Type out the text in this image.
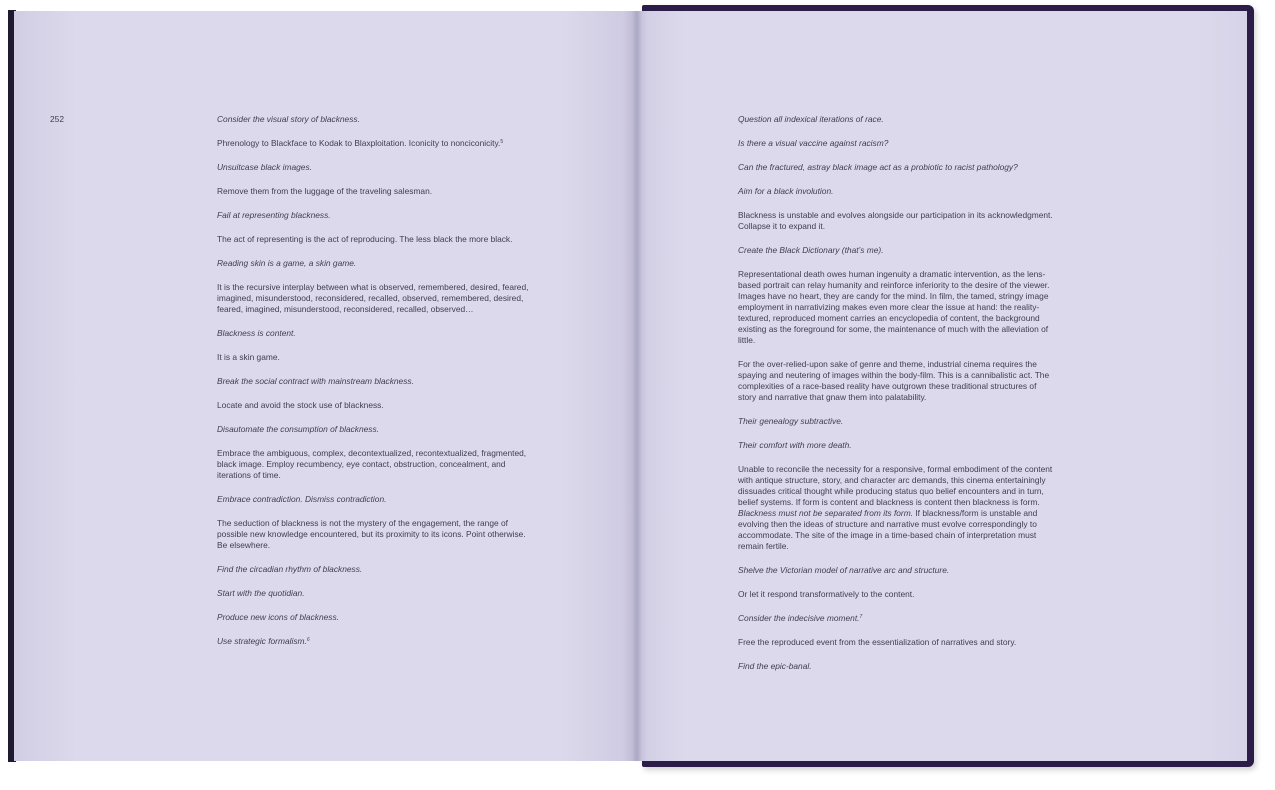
252	Consider the visual story of blackness.

Phrenology to Blackface to Kodak to Blaxploitation. Iconicity to nonciconicity.$^5$

Unsuitcase black images.

Remove them from the luggage of the traveling salesman.

Fail at representing blackness.

The act of representing is the act of reproducing. The less black the more black.

Reading skin is a game, a skin game.

It is the recursive interplay between what is observed, remembered, desired, feared, imagined, misunderstood, reconsidered, recalled, observed, remembered, desired, feared, imagined, misunderstood, reconsidered, recalled, observed…

Blackness is content.

It is a skin game.

Break the social contract with mainstream blackness.

Locate and avoid the stock use of blackness.

Disautomate the consumption of blackness.

Embrace the ambiguous, complex, decontextualized, recontextualized, fragmented, black image. Employ recumbency, eye contact, obstruction, concealment, and iterations of time.

Embrace contradiction. Dismiss contradiction.

The seduction of blackness is not the mystery of the engagement, the range of possible new knowledge encountered, but its proximity to its icons. Point otherwise. Be elsewhere.

Find the circadian rhythm of blackness.

Start with the quotidian.

Produce new icons of blackness.

Use strategic formalism.$^6$

Question all indexical iterations of race.

Is there a visual vaccine against racism?

Can the fractured, astray black image act as a probiotic to racist pathology?

Aim for a black involution.

Blackness is unstable and evolves alongside our participation in its acknowledgment. Collapse it to expand it.

Create the Black Dictionary (that’s me).

Representational death owes human ingenuity a dramatic intervention, as the lens-based portrait can relay humanity and reinforce inferiority to the desire of the viewer. Images have no heart, they are candy for the mind. In film, the tamed, stringy image employment in narrativizing makes even more clear the issue at hand: the reality-textured, reproduced moment carries an encyclopedia of content, the background existing as the foreground for some, the maintenance of much with the alleviation of little.

For the over-relied-upon sake of genre and theme, industrial cinema requires the spaying and neutering of images within the body-film. This is a cannibalistic act. The complexities of a race-based reality have outgrown these traditional structures of story and narrative that gnaw them into palatability.

Their genealogy subtractive.

Their comfort with more death.

Unable to reconcile the necessity for a responsive, formal embodiment of the content with antique structure, story, and character arc demands, this cinema entertainingly dissuades critical thought while producing status quo belief encounters and in turn, belief systems. If form is content and blackness is content then blackness is form. Blackness must not be separated from its form. If blackness/form is unstable and evolving then the ideas of structure and narrative must evolve correspondingly to accommodate. The site of the image in a time-based chain of interpretation must remain fertile.

Shelve the Victorian model of narrative arc and structure.

Or let it respond transformatively to the content.

Consider the indecisive moment.$^7$

Free the reproduced event from the essentialization of narratives and story.

Find the epic-banal.
